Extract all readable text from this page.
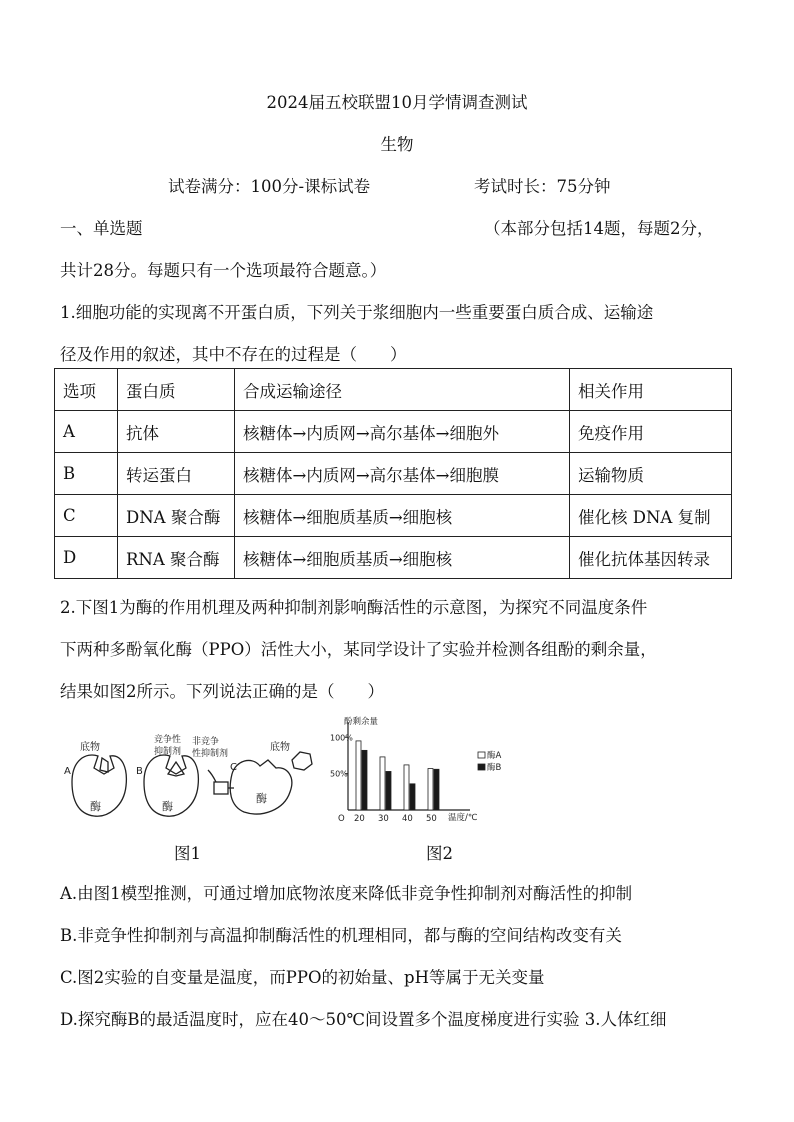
2024届五校联盟10月学情调查测试
生物
试卷满分：100分-课标试卷	考试时长：75分钟
一、单选题	（本部分包括14题，每题2分，
共计28分。每题只有一个选项最符合题意。）
1.细胞功能的实现离不开蛋白质，下列关于浆细胞内一些重要蛋白质合成、运输途
径及作用的叙述，其中不存在的过程是（　　）
选项	蛋白质	合成运输途径	相关作用
A	抗体	核糖体→内质网→高尔基体→细胞外	免疫作用
B	转运蛋白	核糖体→内质网→高尔基体→细胞膜	运输物质
C	DNA 聚合酶	核糖体→细胞质基质→细胞核	催化核 DNA 复制
D	RNA 聚合酶	核糖体→细胞质基质→细胞核	催化抗体基因转录
2.下图1为酶的作用机理及两种抑制剂影响酶活性的示意图，为探究不同温度条件
下两种多酚氧化酶（PPO）活性大小，某同学设计了实验并检测各组酚的剩余量，
结果如图2所示。下列说法正确的是（　　）
A
底物
酶
B
竞争性
抑制剂
酶
非竞争
性抑制剂
C
底物
酶
图1
20 30 40 50
100%
50%
酚剩余量
温度/℃
O
酶A
酶B
图2
A.由图1模型推测，可通过增加底物浓度来降低非竞争性抑制剂对酶活性的抑制
B.非竞争性抑制剂与高温抑制酶活性的机理相同，都与酶的空间结构改变有关
C.图2实验的自变量是温度，而PPO的初始量、pH等属于无关变量
D.探究酶B的最适温度时，应在40～50℃间设置多个温度梯度进行实验 3.人体红细
